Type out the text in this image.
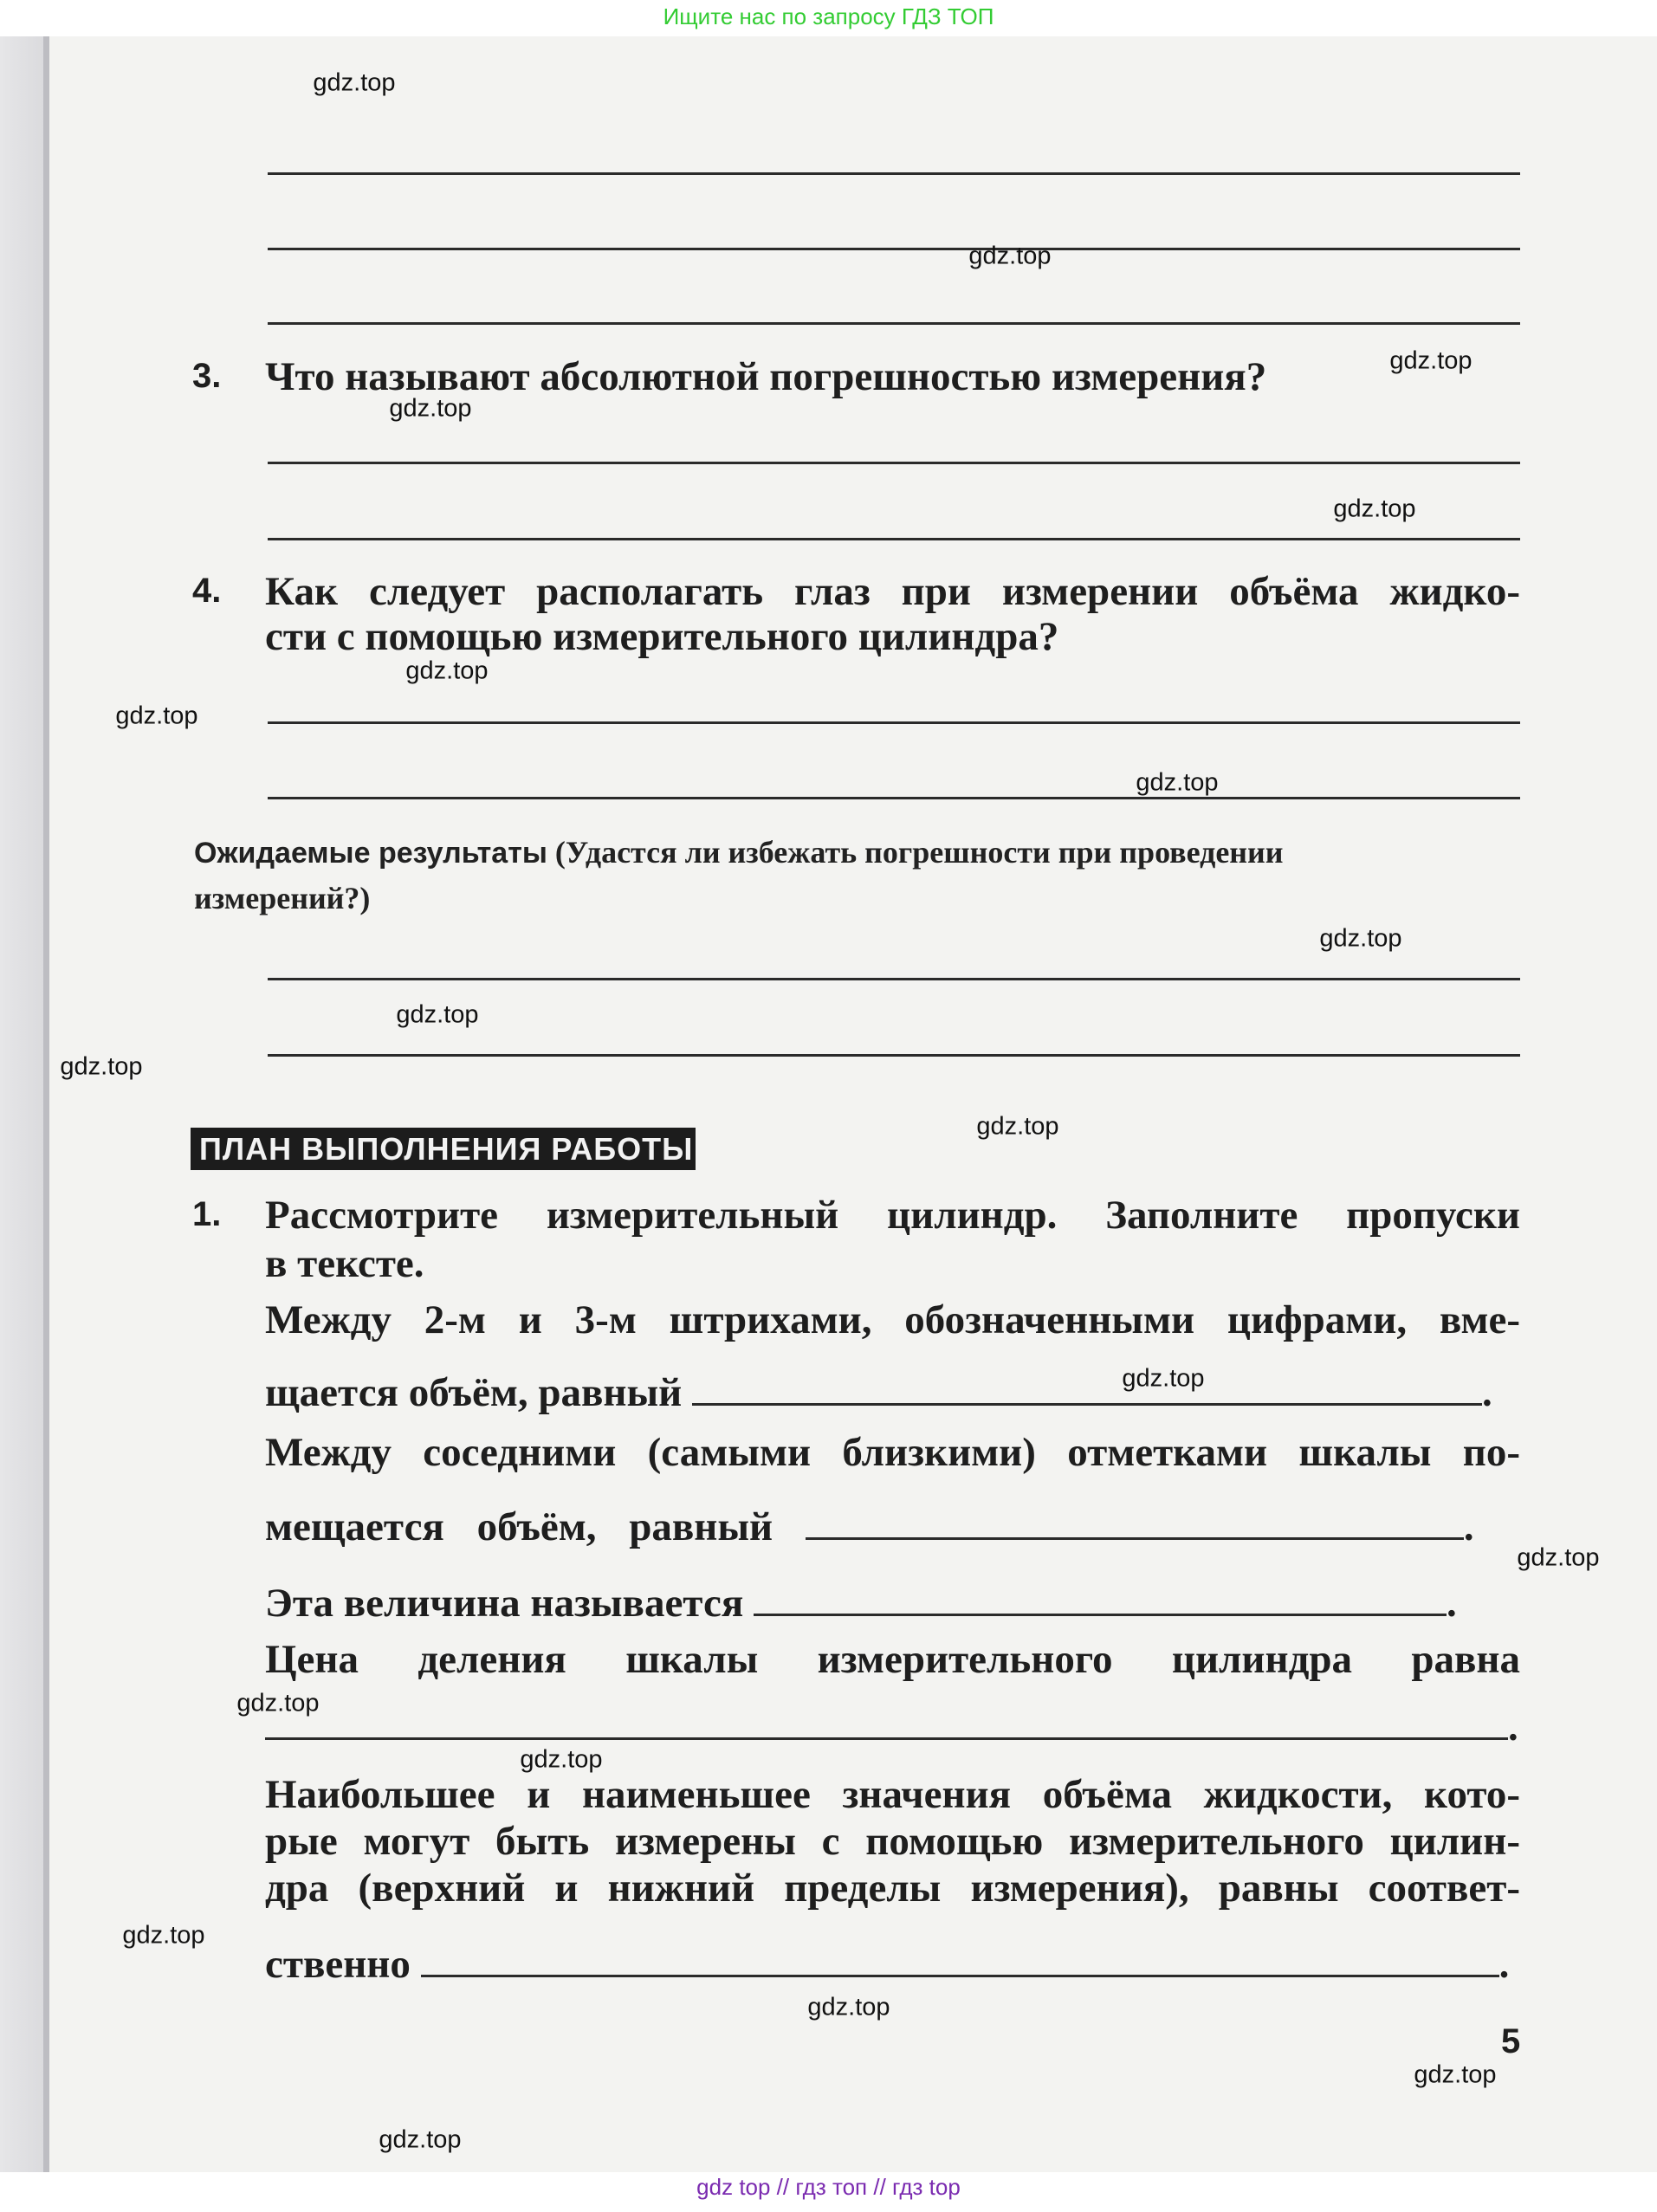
Ищите нас по запросу ГДЗ ТОП
3. Что называют абсолютной погрешностью измерения?
4. Как следует располагать глаз при измерении объёма жидко-
сти с помощью измерительного цилиндра?
Ожидаемые результаты (Удастся ли избежать погрешности при проведении
измерений?)
ПЛАН ВЫПОЛНЕНИЯ РАБОТЫ
1. Рассмотрите измерительный цилиндр. Заполните пропуски
в тексте.
Между 2-м и 3-м штрихами, обозначенными цифрами, вме-
щается объём, равный	.
Между соседними (самыми близкими) отметками шкалы по-
мещается объём, равный	.
Эта величина называется	.
Цена деления шкалы измерительного цилиндра равна
.
Наибольшее и наименьшее значения объёма жидкости, кото-
рые могут быть измерены с помощью измерительного цилин-
дра (верхний и нижний пределы измерения), равны соответ-
ственно	.
5
gdz.top
gdz.top
gdz.top
gdz.top
gdz.top
gdz.top
gdz.top
gdz.top
gdz.top
gdz.top
gdz.top
gdz.top
gdz.top
gdz.top
gdz.top
gdz.top
gdz.top
gdz.top
gdz.top
gdz.top
gdz top // гдз топ // гдз top
